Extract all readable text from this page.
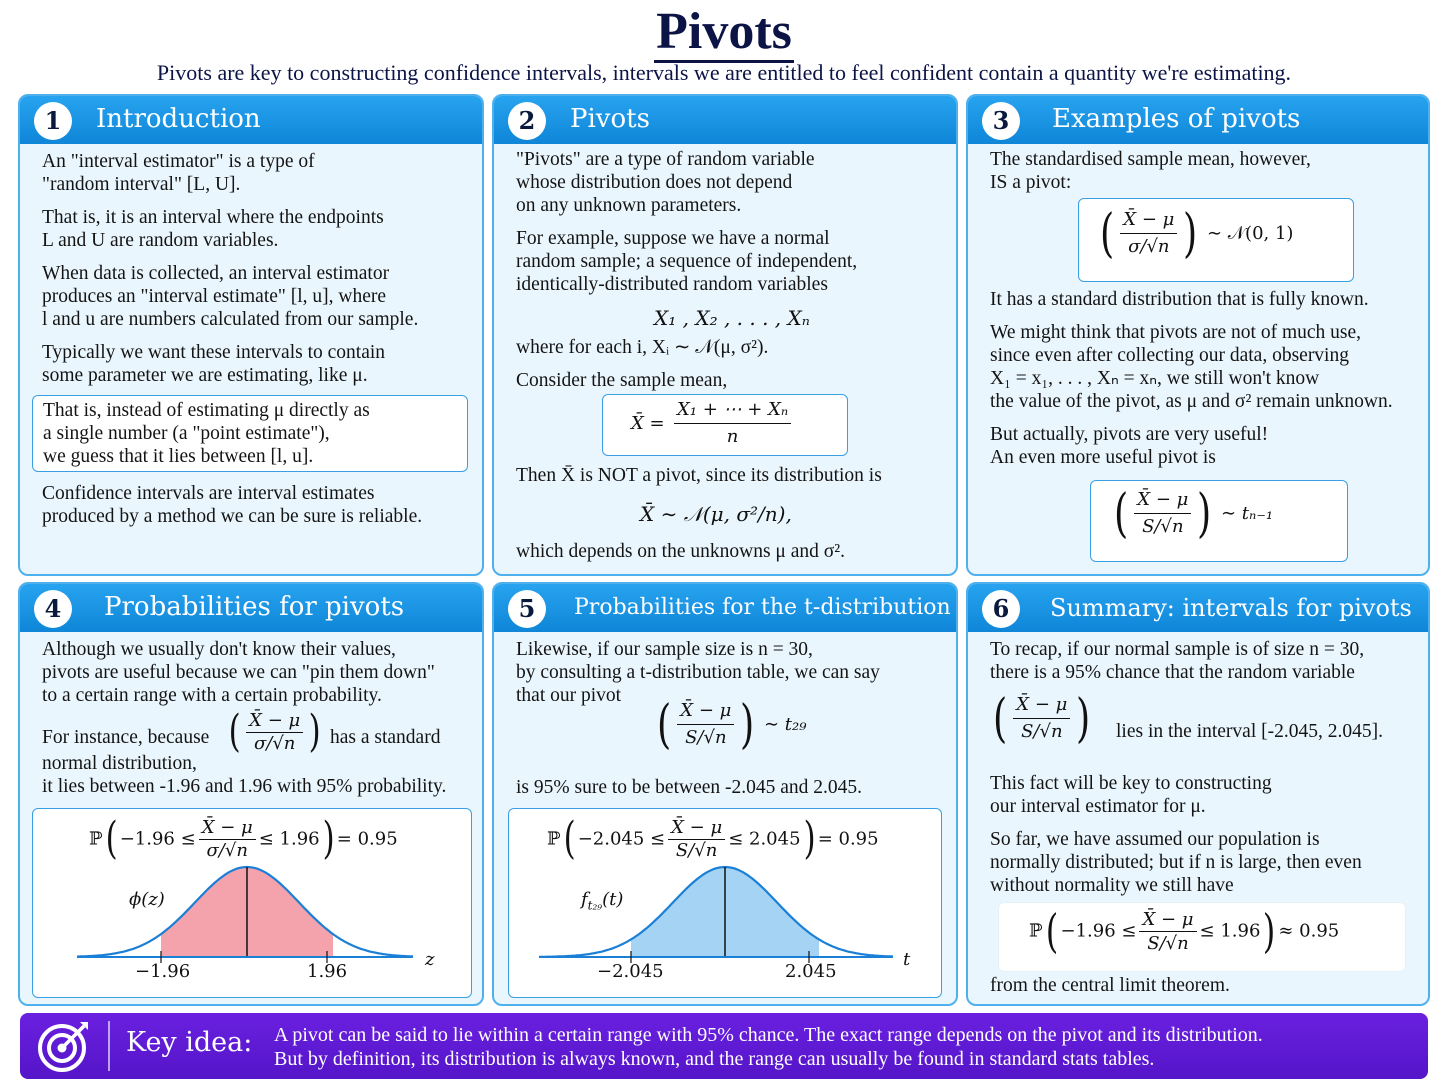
Pivots
Pivots are key to constructing confidence intervals, intervals we are entitled to feel confident contain a quantity we're estimating.
1	Introduction

An "interval estimator" is a type of
"random interval" [L, U].

That is, it is an interval where the endpoints
L and U are random variables.

When data is collected, an interval estimator
produces an "interval estimate" [l, u], where
l and u are numbers calculated from our sample.

Typically we want these intervals to contain
some parameter we are estimating, like μ.

That is, instead of estimating μ directly as
a single number (a "point estimate"),
we guess that it lies between [l, u].

Confidence intervals are interval estimates
produced by a method we can be sure is reliable.

2	Pivots

"Pivots" are a type of random variable
whose distribution does not depend
on any unknown parameters.

For example, suppose we have a normal
random sample; a sequence of independent,
identically-distributed random variables

X₁ , X₂ , . . . , Xₙ

where for each i, Xᵢ ∼ 𝒩(μ, σ²).

Consider the sample mean,

X̄ = $\frac{\text{X₁ + ⋯ + Xₙ}}{n}$

Then X̄ is NOT a pivot, since its distribution is

X̄ ∼ 𝒩(μ, σ²/n),

which depends on the unknowns μ and σ².

3	Examples of pivots

The standardised sample mean, however,
IS a pivot:

( $\frac{X̄ - \mu}{\sigma/√n}$ ) ∼ 𝒩(0, 1)

It has a standard distribution that is fully known.

We might think that pivots are not of much use,
since even after collecting our data, observing
X₁ = x₁, . . . , Xₙ = xₙ, we still won't know
the value of the pivot, as μ and σ² remain unknown.

But actually, pivots are very useful!
An even more useful pivot is

( $\frac{X̄ - \mu}{S/√n}$ ) ∼ tₙ₋₁
4	Probabilities for pivots

Although we usually don't know their values,
pivots are useful because we can "pin them down"
to a certain range with a certain probability.

For instance, because ( $\frac{X̄ - \mu}{\sigma/√n}$ ) has a standard
normal distribution,
it lies between -1.96 and 1.96 with 95% probability.
ℙ( $-1.96 \le \frac{X̄ - \mu}{\sigma/√n} \le 1.96) = 0.95$
ϕ(z)
z
−1.96	1.96
5	Probabilities for the t-distribution
Likewise, if our sample size is n = 30,
by consulting a t-distribution table, we can say
that our pivot ( $\frac{X̄ - \mu}{S/√n}$ ) ∼ t₂₉
is 95% sure to be between -2.045 and 2.045.
ℙ( $-2.045 \le \frac{X̄ - \mu}{S/√n} \le 2.045) = 0.95$
$f_{t_{29}}(t)$
t
−2.045	2.045
6	Summary: intervals for pivots
To recap, if our normal sample is of size n = 30,
there is a 95% chance that the random variable
( $\frac{X̄ - \mu}{S/√n}$ ) lies in the interval [-2.045, 2.045].

This fact will be key to constructing
our interval estimator for μ.

So far, we have assumed our population is
normally distributed; but if n is large, then even
without normality we still have

ℙ( $-1.96 \le \frac{X̄ - \mu}{S/√n} \le 1.96) \approx 0.95$
from the central limit theorem.
Key idea: A pivot can be said to lie within a certain range with 95% chance. The exact range depends on the pivot and its distribution.
But by definition, its distribution is always known, and the range can usually be found in standard stats tables.
